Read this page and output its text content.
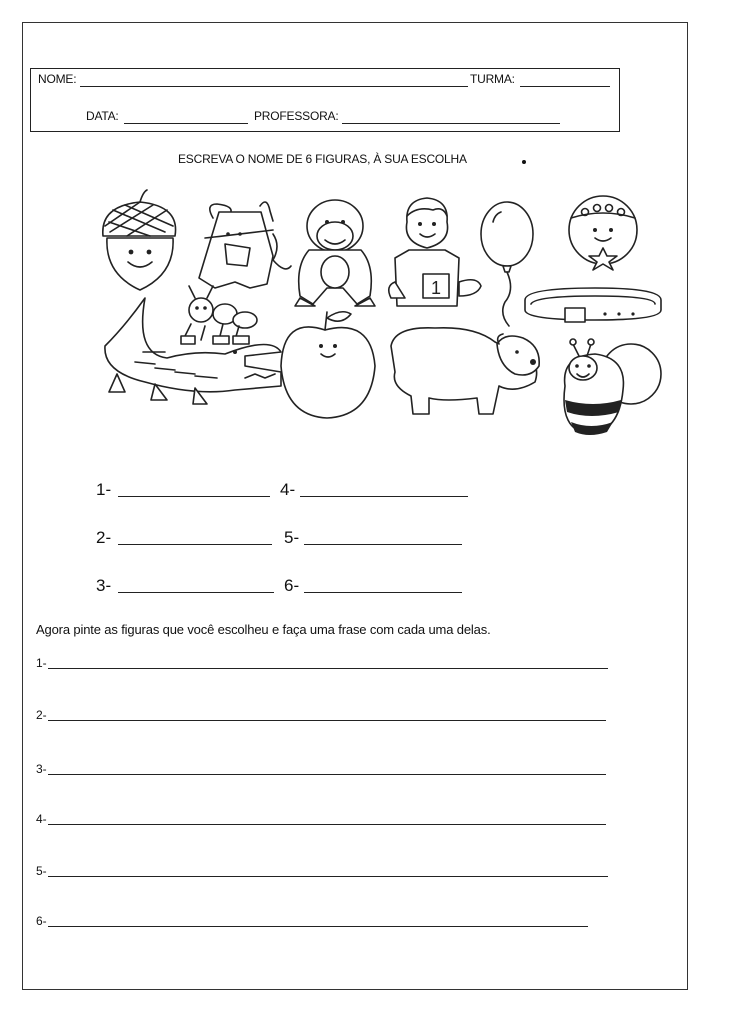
NOME:	TURMA:
DATA:	PROFESSORA:
ESCREVA O NOME DE 6 FIGURAS, À SUA ESCOLHA
1
1-	4-
2-	5-
3-	6-
Agora pinte as figuras que você escolheu e faça uma frase com cada uma delas.
1-
2-
3-
4-
5-
6-
